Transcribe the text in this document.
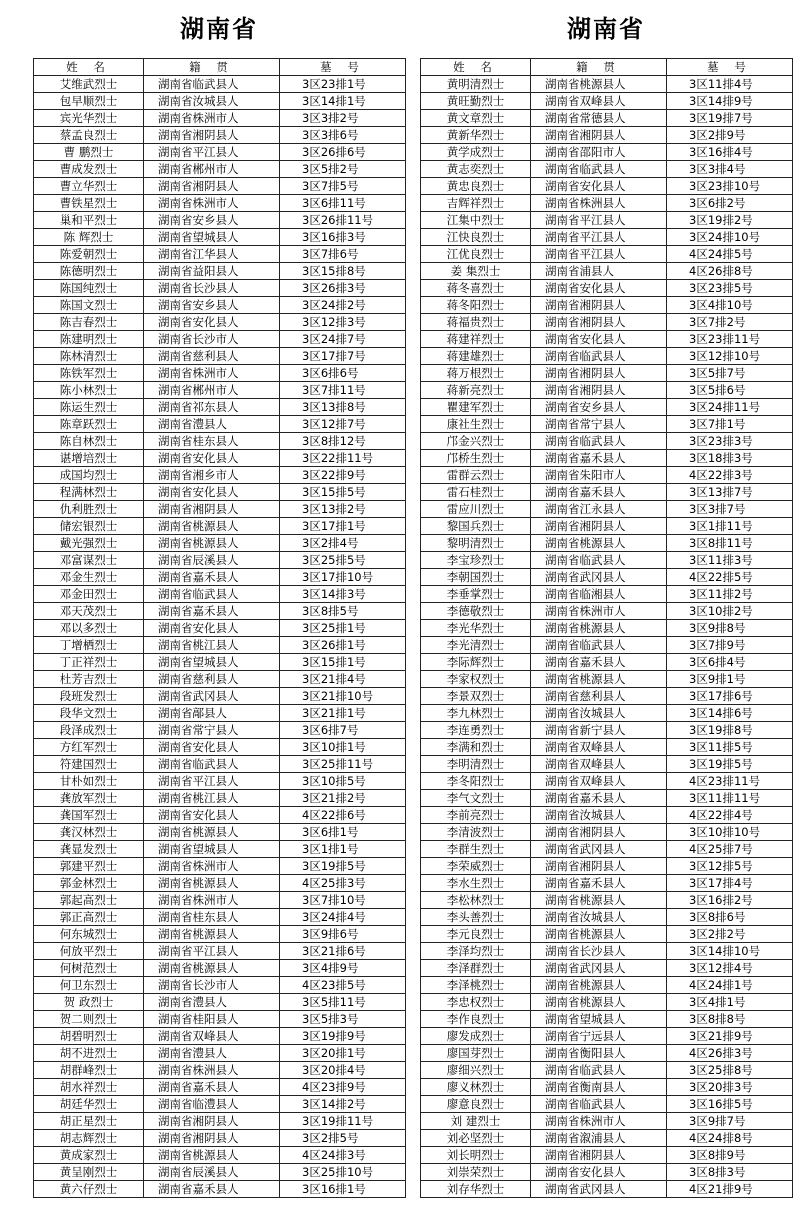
湖南省
姓 名	籍 贯	墓 号
艾维武烈士	湖南省临武县人	3区23排1号
包早顺烈士	湖南省汝城县人	3区14排1号
宾光华烈士	湖南省株洲市人	3区3排2号
蔡孟良烈士	湖南省湘阴县人	3区3排6号
曹 鹏烈士	湖南省平江县人	3区26排6号
曹成发烈士	湖南省郴州市人	3区5排2号
曹立华烈士	湖南省湘阴县人	3区7排5号
曹铁星烈士	湖南省株洲市人	3区6排11号
巢和平烈士	湖南省安乡县人	3区26排11号
陈 辉烈士	湖南省望城县人	3区16排3号
陈爱朝烈士	湖南省江华县人	3区7排6号
陈德明烈士	湖南省益阳县人	3区15排8号
陈国纯烈士	湖南省长沙县人	3区26排3号
陈国文烈士	湖南省安乡县人	3区24排2号
陈吉春烈士	湖南省安化县人	3区12排3号
陈建明烈士	湖南省长沙市人	3区24排7号
陈林清烈士	湖南省慈利县人	3区17排7号
陈铁军烈士	湖南省株洲市人	3区6排6号
陈小林烈士	湖南省郴州市人	3区7排11号
陈运生烈士	湖南省祁东县人	3区13排8号
陈章跃烈士	湖南省澧县人	3区12排7号
陈自林烈士	湖南省桂东县人	3区8排12号
谌增培烈士	湖南省安化县人	3区22排11号
成国均烈士	湖南省湘乡市人	3区22排9号
程满林烈士	湖南省安化县人	3区15排5号
仇利胜烈士	湖南省湘阴县人	3区13排2号
储宏银烈士	湖南省桃源县人	3区17排1号
戴光强烈士	湖南省桃源县人	3区2排4号
邓富谋烈士	湖南省辰溪县人	3区25排5号
邓金生烈士	湖南省嘉禾县人	3区17排10号
邓金田烈士	湖南省临武县人	3区14排3号
邓天茂烈士	湖南省嘉禾县人	3区8排5号
邓以多烈士	湖南省安化县人	3区25排1号
丁增栖烈士	湖南省桃江县人	3区26排1号
丁正祥烈士	湖南省望城县人	3区15排1号
杜芳吉烈士	湖南省慈利县人	3区21排4号
段班发烈士	湖南省武冈县人	3区21排10号
段华文烈士	湖南省鄗县人	3区21排1号
段泽成烈士	湖南省常宁县人	3区6排7号
方红军烈士	湖南省安化县人	3区10排1号
符建国烈士	湖南省临武县人	3区25排11号
甘朴如烈士	湖南省平江县人	3区10排5号
龚放军烈士	湖南省桃江县人	3区21排2号
龚国军烈士	湖南省安化县人	4区22排6号
龚汉林烈士	湖南省桃源县人	3区6排1号
龚显发烈士	湖南省望城县人	3区1排1号
郭建平烈士	湖南省株洲市人	3区19排5号
郭金林烈士	湖南省桃源县人	4区25排3号
郭起高烈士	湖南省株洲市人	3区7排10号
郭正高烈士	湖南省桂东县人	3区24排4号
何东城烈士	湖南省桃源县人	3区9排6号
何放平烈士	湖南省平江县人	3区21排6号
何树范烈士	湖南省桃源县人	3区4排9号
何卫东烈士	湖南省长沙市人	4区23排5号
贺 政烈士	湖南省澧县人	3区5排11号
贺二则烈士	湖南省桂阳县人	3区5排3号
胡碧明烈士	湖南省双峰县人	3区19排9号
胡不进烈士	湖南省澧县人	3区20排1号
胡群峰烈士	湖南省株洲县人	3区20排4号
胡水祥烈士	湖南省嘉禾县人	4区23排9号
胡廷华烈士	湖南省临澧县人	3区14排2号
胡正星烈士	湖南省湘阴县人	3区19排11号
胡志辉烈士	湖南省湘阴县人	3区2排5号
黄成家烈士	湖南省桃源县人	4区24排3号
黄呈刚烈士	湖南省辰溪县人	3区25排10号
黄六仔烈士	湖南省嘉禾县人	3区16排1号
湖南省
姓 名	籍 贯	墓 号
黄明清烈士	湖南省桃源县人	3区11排4号
黄旺勤烈士	湖南省双峰县人	3区14排9号
黄文章烈士	湖南省常德县人	3区19排7号
黄新华烈士	湖南省湘阴县人	3区2排9号
黄学成烈士	湖南省邵阳市人	3区16排4号
黄志奕烈士	湖南省临武县人	3区3排4号
黄忠良烈士	湖南省安化县人	3区23排10号
吉辉祥烈士	湖南省株洲县人	3区6排2号
江集中烈士	湖南省平江县人	3区19排2号
江快良烈士	湖南省平江县人	3区24排10号
江优良烈士	湖南省平江县人	4区24排5号
姜 集烈士	湖南省浦县人	4区26排8号
蒋冬喜烈士	湖南省安化县人	3区23排5号
蒋冬阳烈士	湖南省湘阴县人	3区4排10号
蒋福贵烈士	湖南省湘阴县人	3区7排2号
蒋建祥烈士	湖南省安化县人	3区23排11号
蒋建雄烈士	湖南省临武县人	3区12排10号
蒋万根烈士	湖南省湘阴县人	3区5排7号
蒋新亮烈士	湖南省湘阴县人	3区5排6号
瞿建军烈士	湖南省安乡县人	3区24排11号
康社生烈士	湖南省常宁县人	3区7排1号
邝金兴烈士	湖南省临武县人	3区23排3号
邝桥生烈士	湖南省嘉禾县人	3区18排3号
雷群云烈士	湖南省朱阳市人	4区22排3号
雷石桂烈士	湖南省嘉禾县人	3区13排7号
雷应川烈士	湖南省江永县人	3区3排7号
黎国兵烈士	湖南省湘阴县人	3区1排11号
黎明清烈士	湖南省桃源县人	3区8排11号
李宝珍烈士	湖南省临武县人	3区11排3号
李朝国烈士	湖南省武冈县人	4区22排5号
李垂掌烈士	湖南省临湘县人	3区11排2号
李德敬烈士	湖南省株洲市人	3区10排2号
李光华烈士	湖南省桃源县人	3区9排8号
李光清烈士	湖南省临武县人	3区7排9号
李际辉烈士	湖南省嘉禾县人	3区6排4号
李家权烈士	湖南省桃源县人	3区9排1号
李景双烈士	湖南省慈利县人	3区17排6号
李九林烈士	湖南省汝城县人	3区14排6号
李连勇烈士	湖南省新宁县人	3区19排8号
李满和烈士	湖南省双峰县人	3区11排5号
李明清烈士	湖南省双峰县人	3区19排5号
李冬阳烈士	湖南省双峰县人	4区23排11号
李气文烈士	湖南省嘉禾县人	3区11排11号
李前亮烈士	湖南省汝城县人	4区22排4号
李清波烈士	湖南省湘阴县人	3区10排10号
李群生烈士	湖南省武冈县人	4区25排7号
李荣威烈士	湖南省湘阴县人	3区12排5号
李水生烈士	湖南省嘉禾县人	3区17排4号
李松林烈士	湖南省桃源县人	3区16排2号
李头善烈士	湖南省汝城县人	3区8排6号
李元良烈士	湖南省桃源县人	3区2排2号
李泽均烈士	湖南省长沙县人	3区14排10号
李泽群烈士	湖南省武冈县人	3区12排4号
李泽桃烈士	湖南省桃源县人	4区24排1号
李忠权烈士	湖南省桃源县人	3区4排1号
李作良烈士	湖南省望城县人	3区8排8号
廖发成烈士	湖南省宁远县人	3区21排9号
廖国芽烈士	湖南省衡阳县人	4区26排3号
廖细兴烈士	湖南省临武县人	3区25排8号
廖义林烈士	湖南省衡南县人	3区20排3号
廖意良烈士	湖南省临武县人	3区16排5号
刘 建烈士	湖南省株洲市人	3区9排7号
刘必坚烈士	湖南省溆浦县人	4区24排8号
刘长明烈士	湖南省湘阴县人	3区8排9号
刘崇荣烈士	湖南省安化县人	3区8排3号
刘存华烈士	湖南省武冈县人	4区21排9号
